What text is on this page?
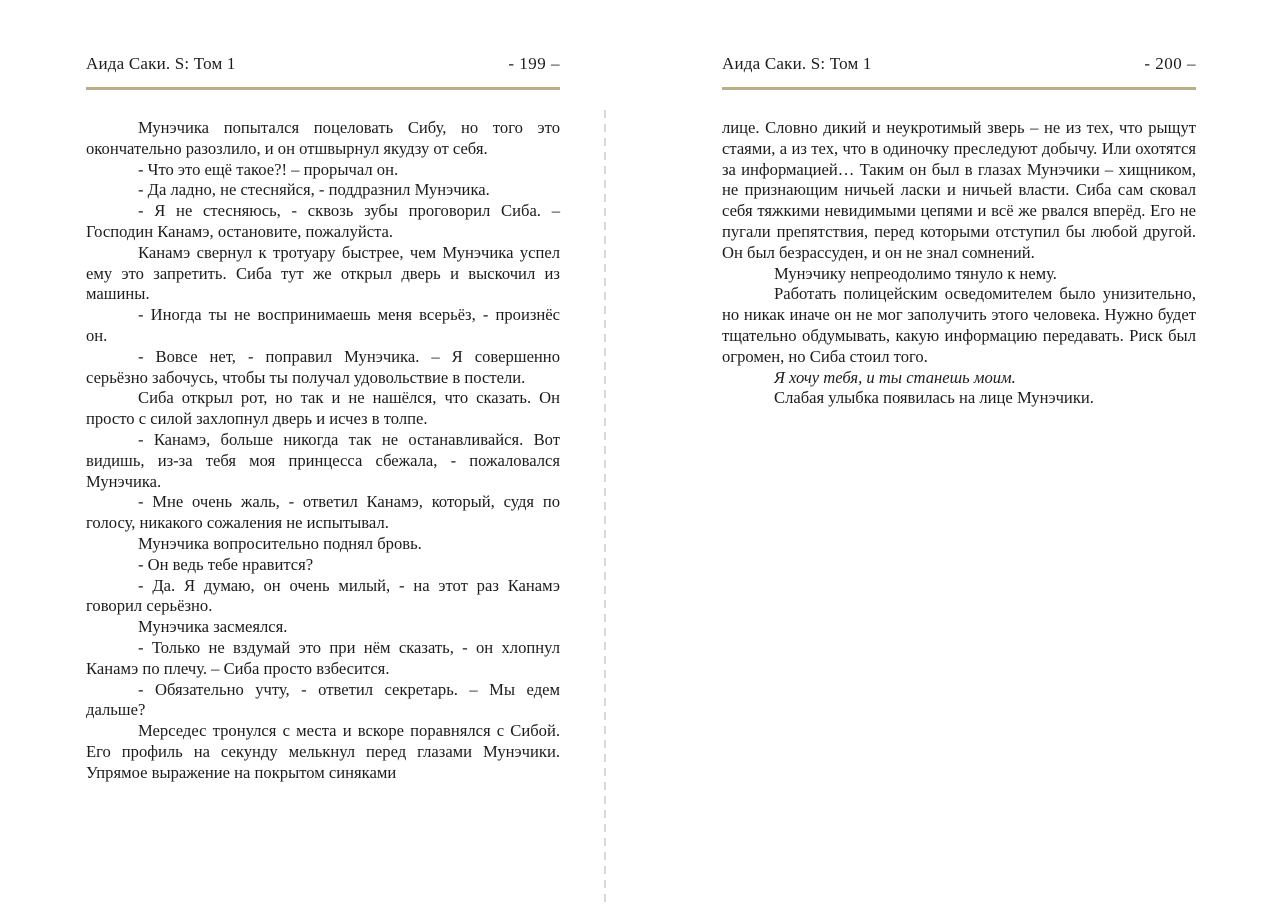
Аида Саки. S: Том 1	- 199 –

Мунэчика попытался поцеловать Сибу, но того это окончательно разозлило, и он отшвырнул якудзу от себя.

- Что это ещё такое?! – прорычал он.

- Да ладно, не стесняйся, - поддразнил Мунэчика.

- Я не стесняюсь, - сквозь зубы проговорил Сиба. – Господин Канамэ, остановите, пожалуйста.

Канамэ свернул к тротуару быстрее, чем Мунэчика успел ему это запретить. Сиба тут же открыл дверь и выскочил из машины.

- Иногда ты не воспринимаешь меня всерьёз, - произнёс он.

- Вовсе нет, - поправил Мунэчика. – Я совершенно серьёзно забочусь, чтобы ты получал удовольствие в постели.

Сиба открыл рот, но так и не нашёлся, что сказать. Он просто с силой захлопнул дверь и исчез в толпе.

- Канамэ, больше никогда так не останавливайся. Вот видишь, из-за тебя моя принцесса сбежала, - пожаловался Мунэчика.

- Мне очень жаль, - ответил Канамэ, который, судя по голосу, никакого сожаления не испытывал.

Мунэчика вопросительно поднял бровь.

- Он ведь тебе нравится?

- Да. Я думаю, он очень милый, - на этот раз Канамэ говорил серьёзно.

Мунэчика засмеялся.

- Только не вздумай это при нём сказать, - он хлопнул Канамэ по плечу. – Сиба просто взбесится.

- Обязательно учту, - ответил секретарь. – Мы едем дальше?

Мерседес тронулся с места и вскоре поравнялся с Сибой. Его профиль на секунду мелькнул перед глазами Мунэчики. Упрямое выражение на покрытом синяками

Аида Саки. S: Том 1	- 200 –

лице. Словно дикий и неукротимый зверь – не из тех, что рыщут стаями, а из тех, что в одиночку преследуют добычу. Или охотятся за информацией… Таким он был в глазах Мунэчики – хищником, не признающим ничьей ласки и ничьей власти. Сиба сам сковал себя тяжкими невидимыми цепями и всё же рвался вперёд. Его не пугали препятствия, перед которыми отступил бы любой другой. Он был безрассуден, и он не знал сомнений.

Мунэчику непреодолимо тянуло к нему.

Работать полицейским осведомителем было унизительно, но никак иначе он не мог заполучить этого человека. Нужно будет тщательно обдумывать, какую информацию передавать. Риск был огромен, но Сиба стоил того.

Я хочу тебя, и ты станешь моим.

Слабая улыбка появилась на лице Мунэчики.
